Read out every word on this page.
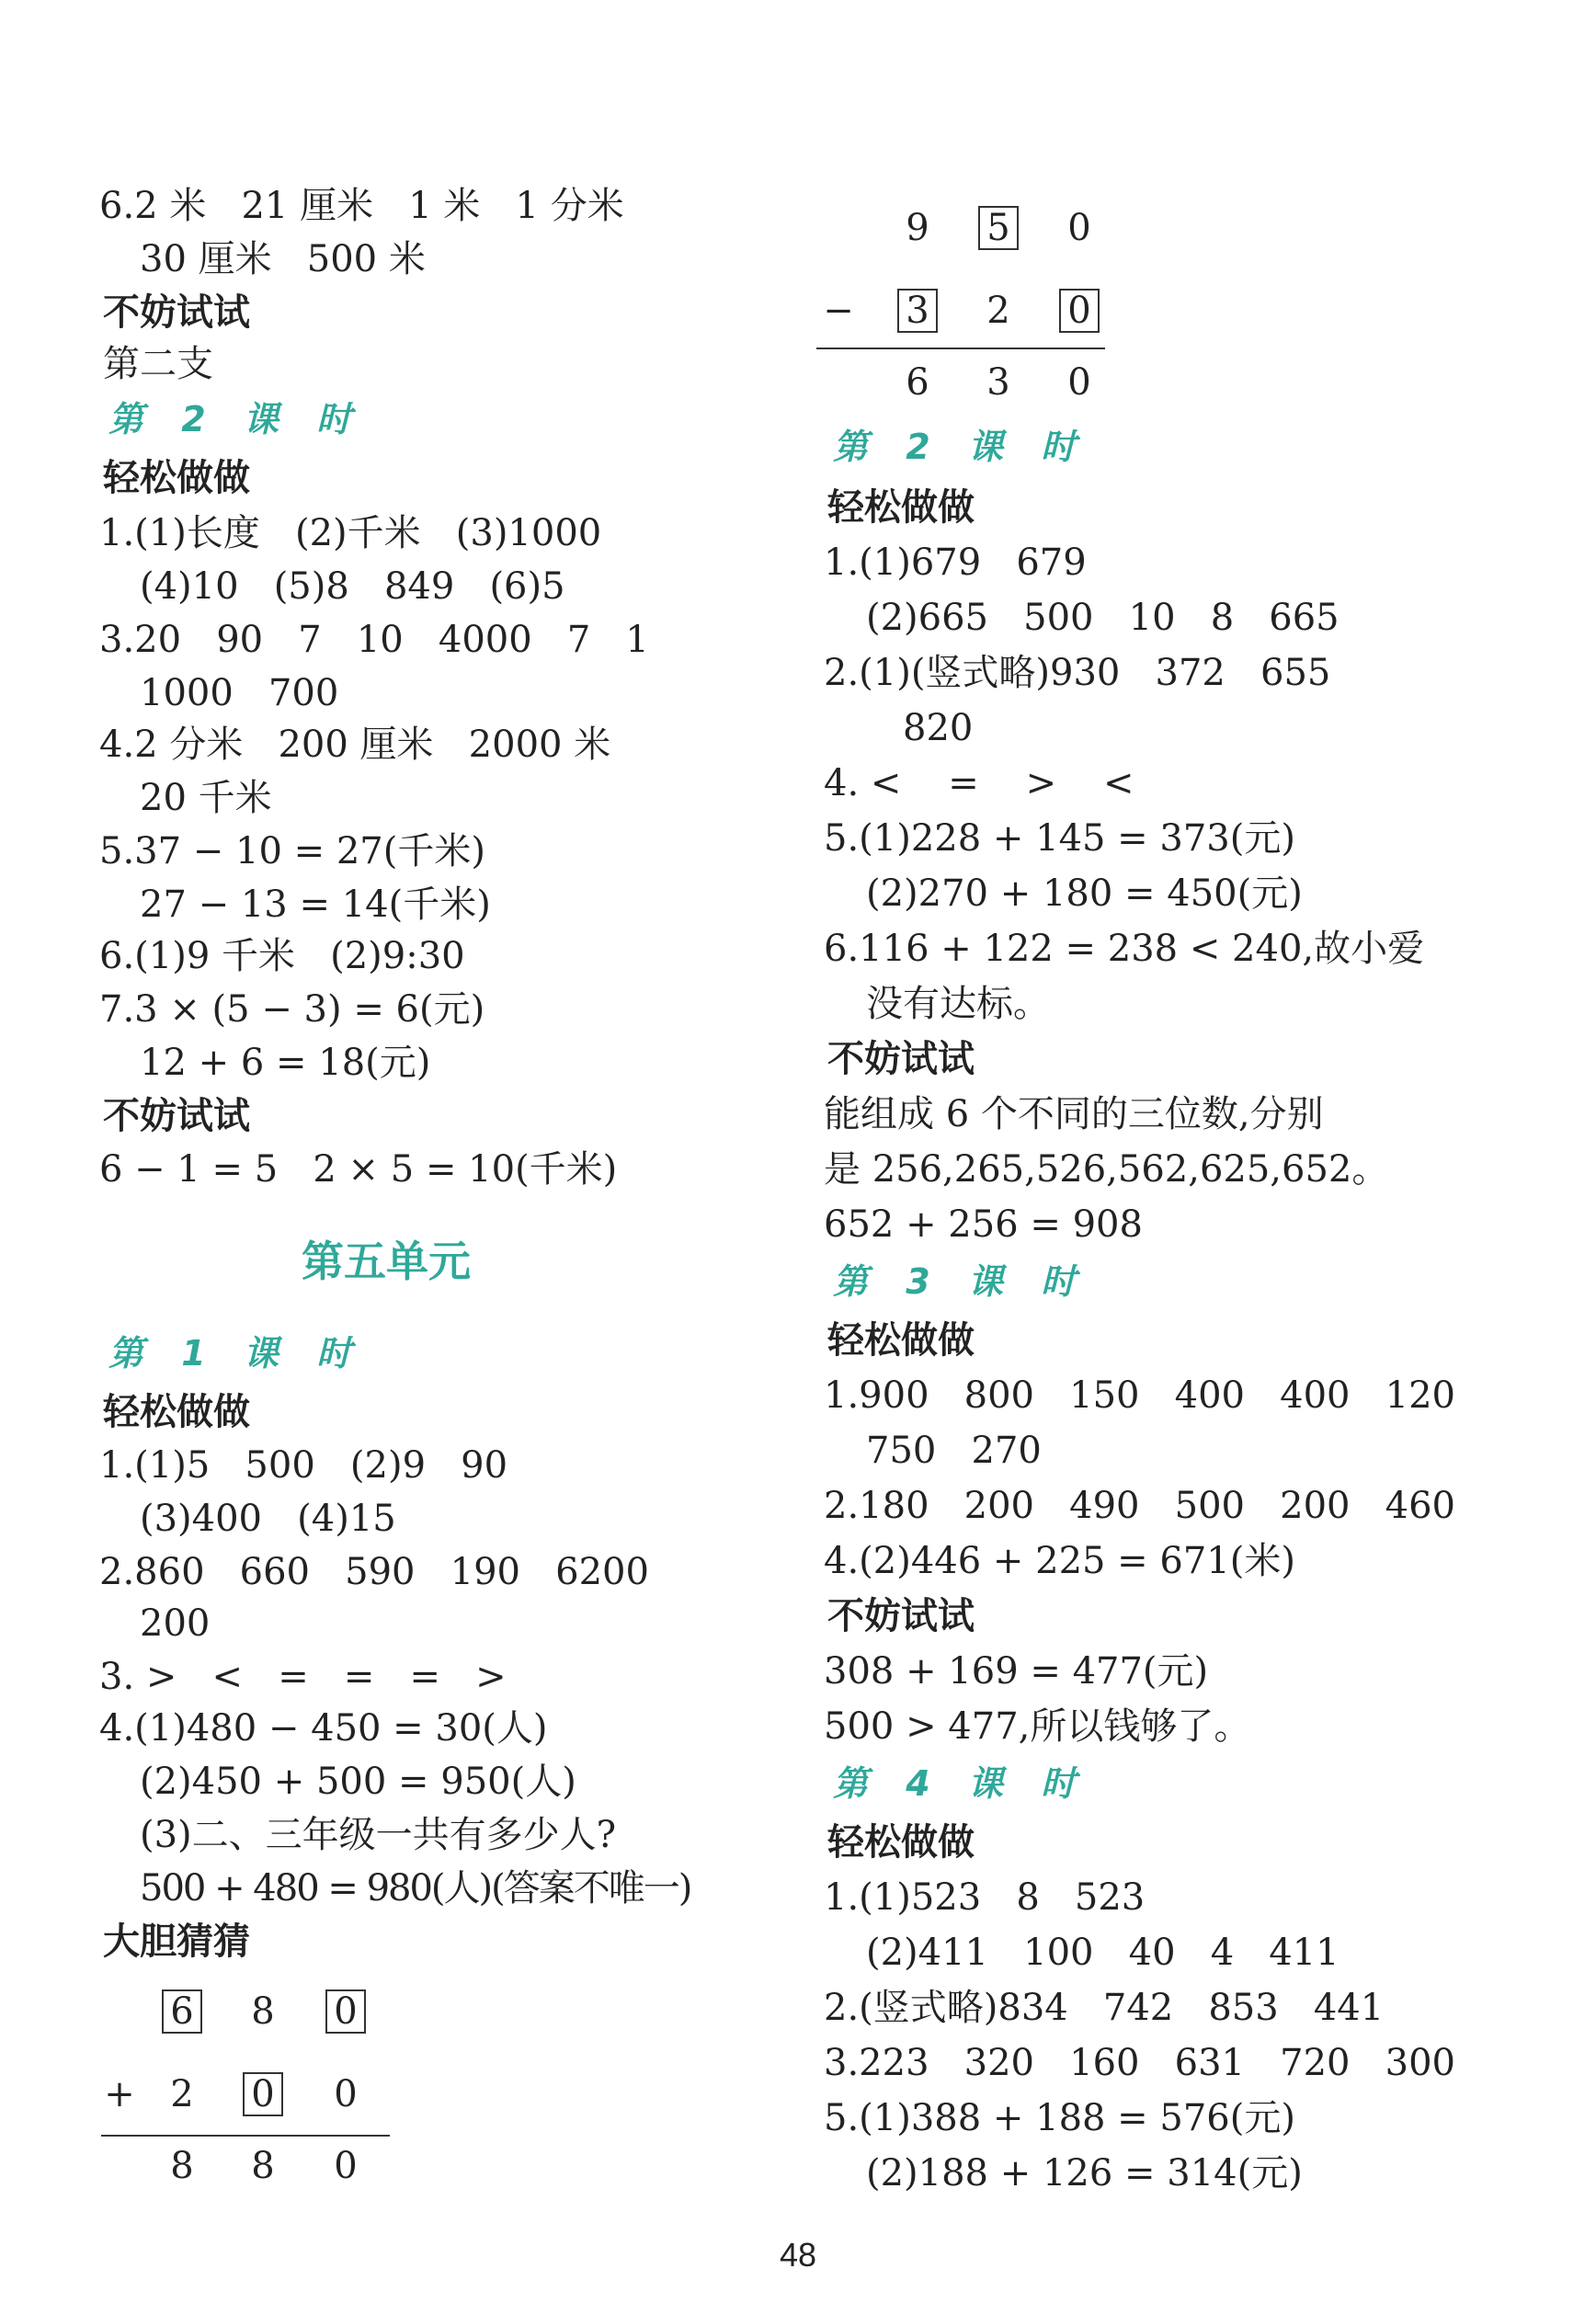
6.2 米   21 厘米   1 米   1 分米
30 厘米   500 米
不妨试试
第二支
第 2 课 时
轻松做做
1.(1)长度   (2)千米   (3)1000
(4)10   (5)8   849   (6)5
3.20   90   7   10   4000   7   1
1000   700
4.2 分米   200 厘米   2000 米
20 千米
5.37 − 10 = 27(千米)
27 − 13 = 14(千米)
6.(1)9 千米   (2)9:30
7.3 × (5 − 3) = 6(元)
12 + 6 = 18(元)
不妨试试
6 − 1 = 5   2 × 5 = 10(千米)
第五单元
第 1 课 时
轻松做做
1.(1)5   500   (2)9   90
(3)400   (4)15
2.860   660   590   190   6200
200
3. >   <   =   =   =   >
4.(1)480 − 450 = 30(人)
(2)450 + 500 = 950(人)
(3)二、三年级一共有多少人?
500 + 480 = 980(人)(答案不唯一)
大胆猜猜
6 8 0
+ 2 0 0
8 8 0
9 5 0
− 3 2 0
6 3 0
第 2 课 时
轻松做做
1.(1)679   679
(2)665   500   10   8   665
2.(1)(竖式略)930   372   655
820
4. <    =    >    <
5.(1)228 + 145 = 373(元)
(2)270 + 180 = 450(元)
6.116 + 122 = 238 < 240,故小爱
没有达标。
不妨试试
能组成 6 个不同的三位数,分别
是 256,265,526,562,625,652。
652 + 256 = 908
第 3 课 时
轻松做做
1.900   800   150   400   400   120
750   270
2.180   200   490   500   200   460
4.(2)446 + 225 = 671(米)
不妨试试
308 + 169 = 477(元)
500 > 477,所以钱够了。
第 4 课 时
轻松做做
1.(1)523   8   523
(2)411   100   40   4   411
2.(竖式略)834   742   853   441
3.223   320   160   631   720   300
5.(1)388 + 188 = 576(元)
(2)188 + 126 = 314(元)
48
